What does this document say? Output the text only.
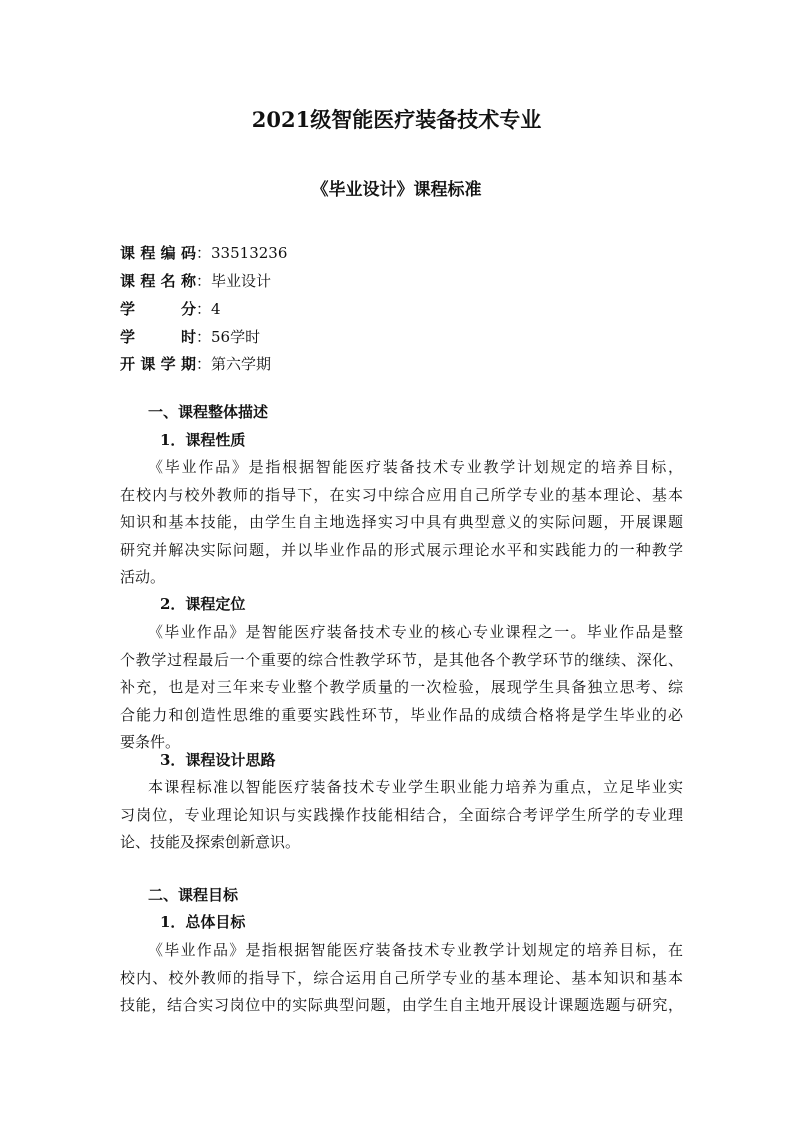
2021级智能医疗装备技术专业
《毕业设计》课程标准
课程编码：33513236
课程名称：毕业设计
学分：4
学时：56学时
开课学期：第六学期
一、课程整体描述
1．课程性质
《毕业作品》是指根据智能医疗装备技术专业教学计划规定的培养目标，
在校内与校外教师的指导下，在实习中综合应用自己所学专业的基本理论、基本
知识和基本技能，由学生自主地选择实习中具有典型意义的实际问题，开展课题
研究并解决实际问题，并以毕业作品的形式展示理论水平和实践能力的一种教学
活动。
2．课程定位
《毕业作品》是智能医疗装备技术专业的核心专业课程之一。毕业作品是整
个教学过程最后一个重要的综合性教学环节，是其他各个教学环节的继续、深化、
补充，也是对三年来专业整个教学质量的一次检验，展现学生具备独立思考、综
合能力和创造性思维的重要实践性环节，毕业作品的成绩合格将是学生毕业的必
要条件。
3．课程设计思路
本课程标准以智能医疗装备技术专业学生职业能力培养为重点，立足毕业实
习岗位，专业理论知识与实践操作技能相结合，全面综合考评学生所学的专业理
论、技能及探索创新意识。
二、课程目标
1．总体目标
《毕业作品》是指根据智能医疗装备技术专业教学计划规定的培养目标，在
校内、校外教师的指导下，综合运用自己所学专业的基本理论、基本知识和基本
技能，结合实习岗位中的实际典型问题，由学生自主地开展设计课题选题与研究，
